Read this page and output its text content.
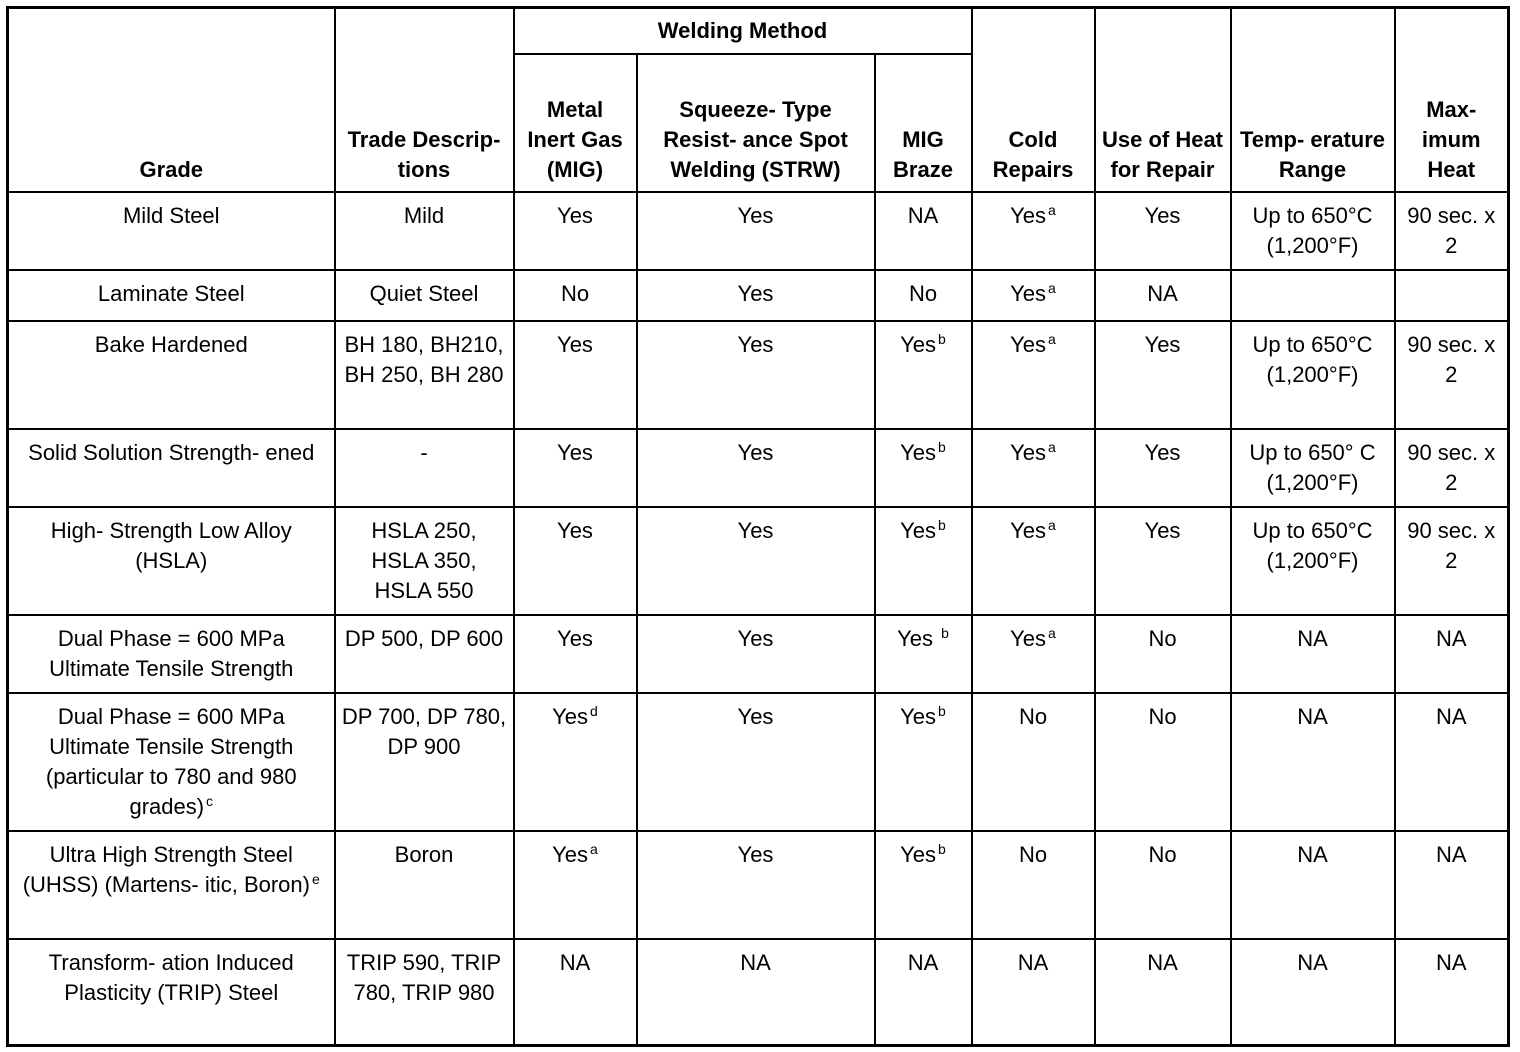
Grade	Trade Descrip- tions	Welding Method			Cold Repairs	Use of Heat for Repair	Temp- erature Range	Max- imum Heat
		Metal Inert Gas (MIG)	Squeeze- Type Resist- ance Spot Welding (STRW)	MIG Braze				
Mild Steel	Mild	Yes	Yes	NA	Yes $^a$	Yes	Up to 650°C (1,200°F)	90 sec. x 2
Laminate Steel	Quiet Steel	No	Yes	No	Yes $^a$	NA		
Bake Hardened	BH 180, BH210, BH 250, BH 280	Yes	Yes	Yes $^b$	Yes $^a$	Yes	Up to 650°C (1,200°F)	90 sec. x 2
Solid Solution Strength- ened	-	Yes	Yes	Yes $^b$	Yes $^a$	Yes	Up to 650° C (1,200°F)	90 sec. x 2
High- Strength Low Alloy (HSLA)	HSLA 250, HSLA 350, HSLA 550	Yes	Yes	Yes $^b$	Yes $^a$	Yes	Up to 650°C (1,200°F)	90 sec. x 2
Dual Phase = 600 MPa Ultimate Tensile Strength	DP 500, DP 600	Yes	Yes	Yes $^b$	Yes $^a$	No	NA	NA
Dual Phase = 600 MPa Ultimate Tensile Strength (particular to 780 and 980 grades) $^c$	DP 700, DP 780, DP 900	Yes $^d$	Yes	Yes $^b$	No	No	NA	NA
Ultra High Strength Steel (UHSS) (Martens- itic, Boron) $^e$	Boron	Yes $^a$	Yes	Yes $^b$	No	No	NA	NA
Transform- ation Induced Plasticity (TRIP) Steel	TRIP 590, TRIP 780, TRIP 980	NA	NA	NA	NA	NA	NA	NA
